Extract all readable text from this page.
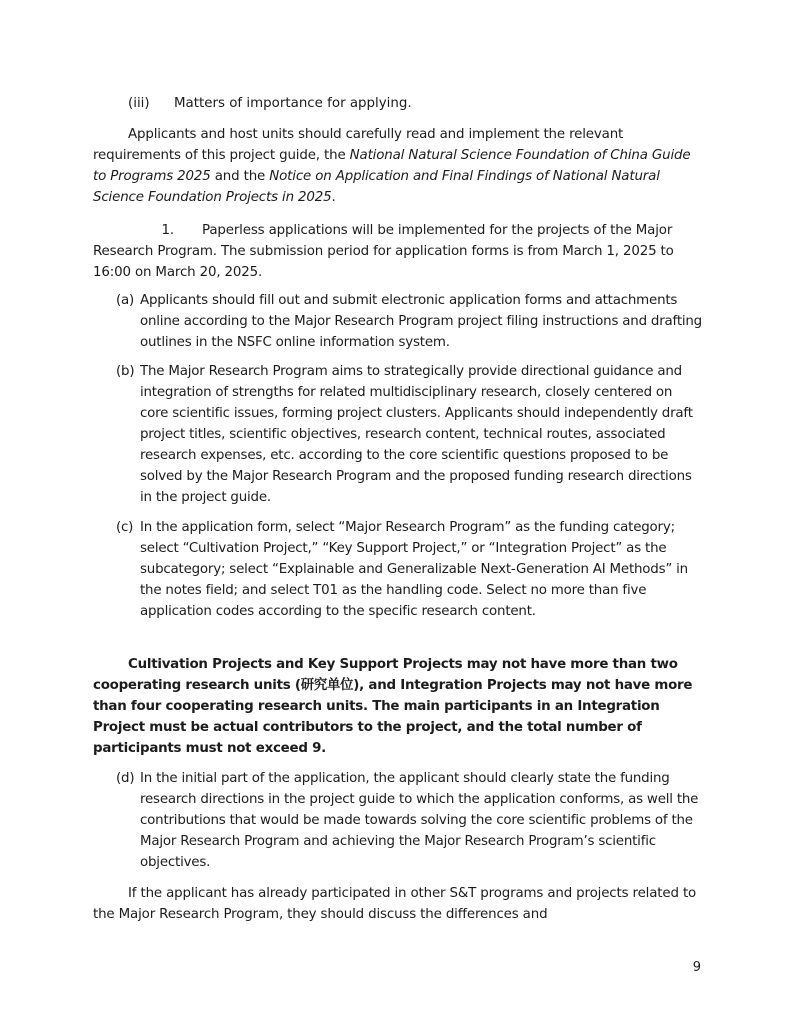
(iii) Matters of importance for applying.
Applicants and host units should carefully read and implement the relevant requirements of this project guide, the National Natural Science Foundation of China Guide to Programs 2025 and the Notice on Application and Final Findings of National Natural Science Foundation Projects in 2025.
1. Paperless applications will be implemented for the projects of the Major Research Program. The submission period for application forms is from March 1, 2025 to 16:00 on March 20, 2025.
(a) Applicants should fill out and submit electronic application forms and attachments online according to the Major Research Program project filing instructions and drafting outlines in the NSFC online information system.
(b) The Major Research Program aims to strategically provide directional guidance and integration of strengths for related multidisciplinary research, closely centered on core scientific issues, forming project clusters. Applicants should independently draft project titles, scientific objectives, research content, technical routes, associated research expenses, etc. according to the core scientific questions proposed to be solved by the Major Research Program and the proposed funding research directions in the project guide.
(c) In the application form, select “Major Research Program” as the funding category; select “Cultivation Project,” “Key Support Project,” or “Integration Project” as the subcategory; select “Explainable and Generalizable Next-Generation AI Methods” in the notes field; and select T01 as the handling code. Select no more than five application codes according to the specific research content.
Cultivation Projects and Key Support Projects may not have more than two cooperating research units (研究单位), and Integration Projects may not have more than four cooperating research units. The main participants in an Integration Project must be actual contributors to the project, and the total number of participants must not exceed 9.
(d) In the initial part of the application, the applicant should clearly state the funding research directions in the project guide to which the application conforms, as well the contributions that would be made towards solving the core scientific problems of the Major Research Program and achieving the Major Research Program’s scientific objectives.
If the applicant has already participated in other S&T programs and projects related to the Major Research Program, they should discuss the differences and
9
